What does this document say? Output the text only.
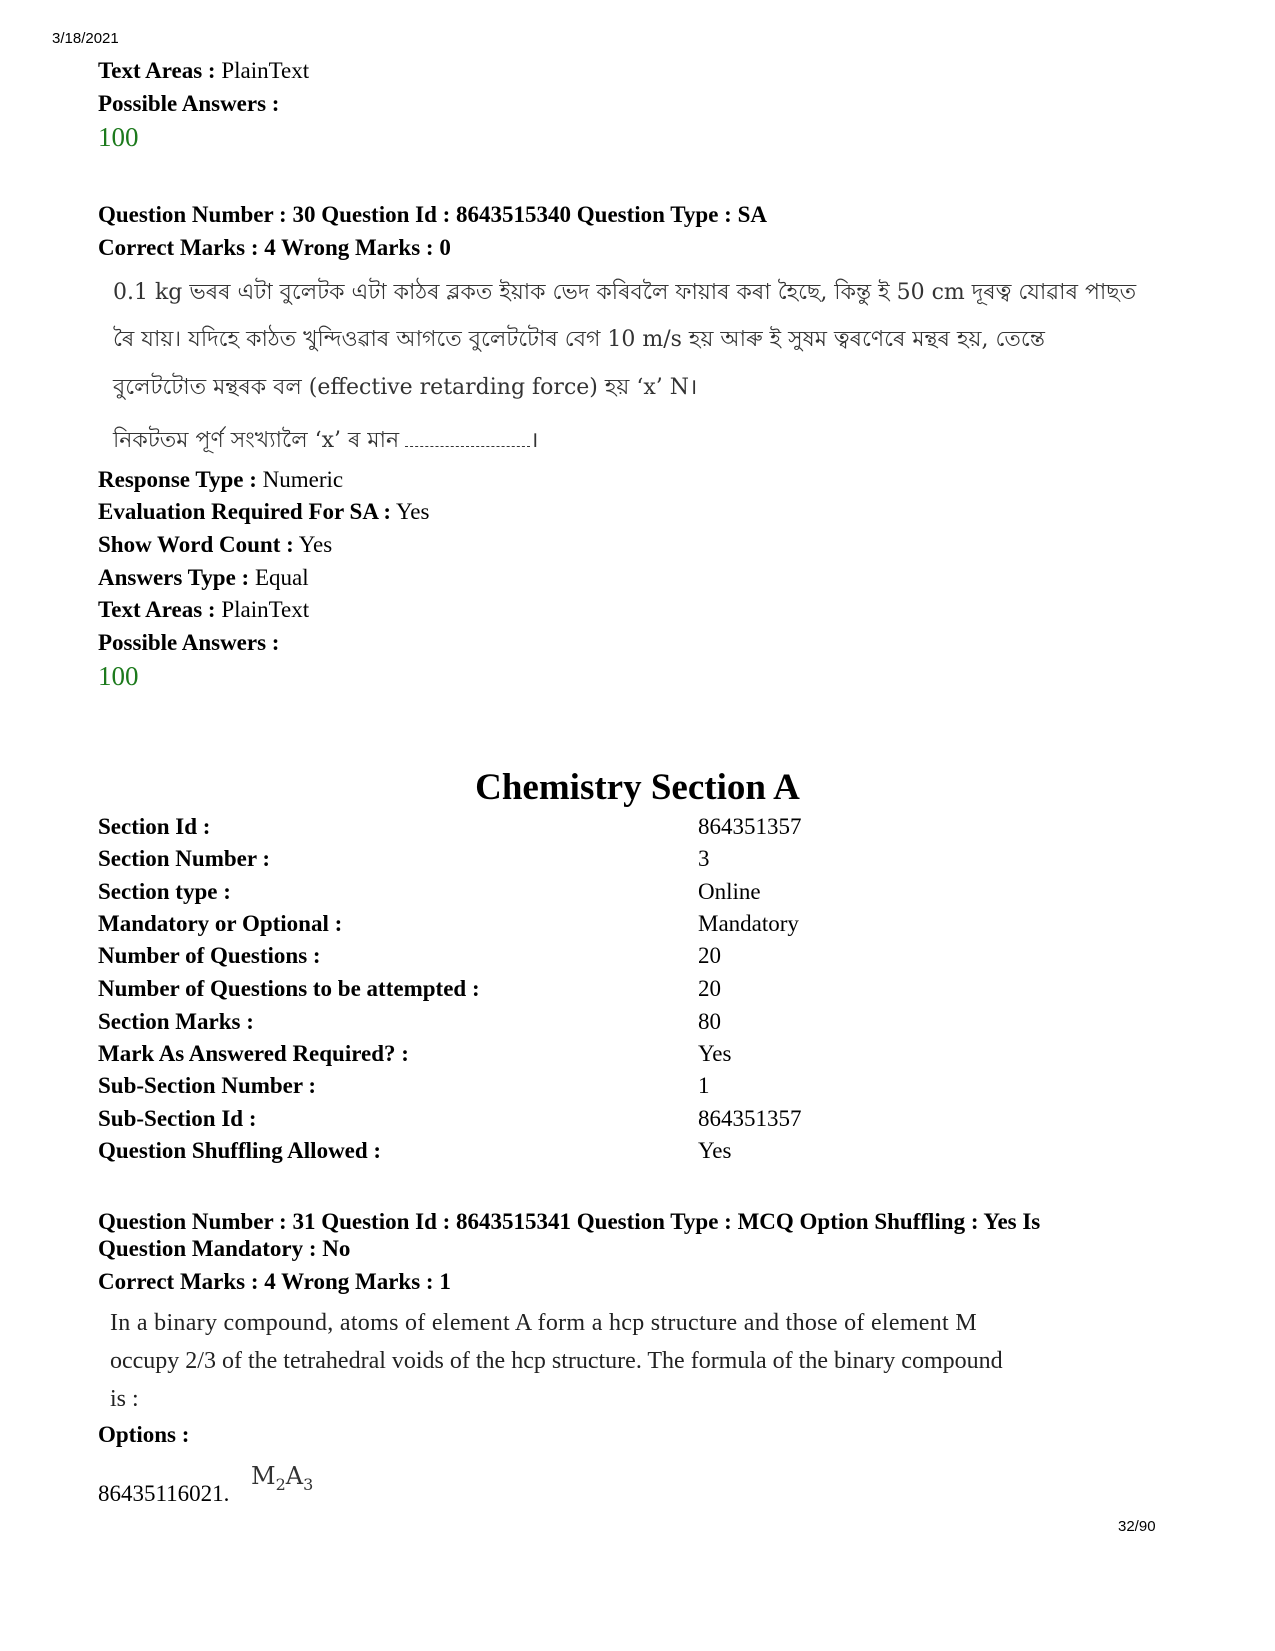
3/18/2021
Text Areas : PlainText
Possible Answers :
100
Question Number : 30 Question Id : 8643515340 Question Type : SA
Correct Marks : 4 Wrong Marks : 0
0.1 kg ভৰৰ এটা বুলেটক এটা কাঠৰ ব্লকত ইয়াক ভেদ কৰিবলৈ ফায়াৰ কৰা হৈছে, কিন্তু ই 50 cm দূৰত্ব যোৱাৰ পাছত
ৰৈ যায়। যদিহে কাঠত খুন্দিওৱাৰ আগতে বুলেটটোৰ বেগ 10 m/s হয় আৰু ই সুষম ত্বৰণেৰে মন্থৰ হয়, তেন্তে
বুলেটটোত মন্থৰক বল (effective retarding force) হয় ‘x’ N।
নিকটতম পূৰ্ণ সংখ্যালৈ ‘x’ ৰ মান	।
Response Type : Numeric
Evaluation Required For SA : Yes
Show Word Count : Yes
Answers Type : Equal
Text Areas : PlainText
Possible Answers :
100
Chemistry Section A
Section Id :	864351357
Section Number :	3
Section type :	Online
Mandatory or Optional :	Mandatory
Number of Questions :	20
Number of Questions to be attempted :	20
Section Marks :	80
Mark As Answered Required? :	Yes
Sub-Section Number :	1
Sub-Section Id :	864351357
Question Shuffling Allowed :	Yes
Question Number : 31 Question Id : 8643515341 Question Type : MCQ Option Shuffling : Yes Is
Question Mandatory : No
Correct Marks : 4 Wrong Marks : 1
In a binary compound, atoms of element A form a hcp structure and those of element M
occupy 2/3 of the tetrahedral voids of the hcp structure. The formula of the binary compound
is :
Options :
86435116021.
$M_2A_3$
32/90
